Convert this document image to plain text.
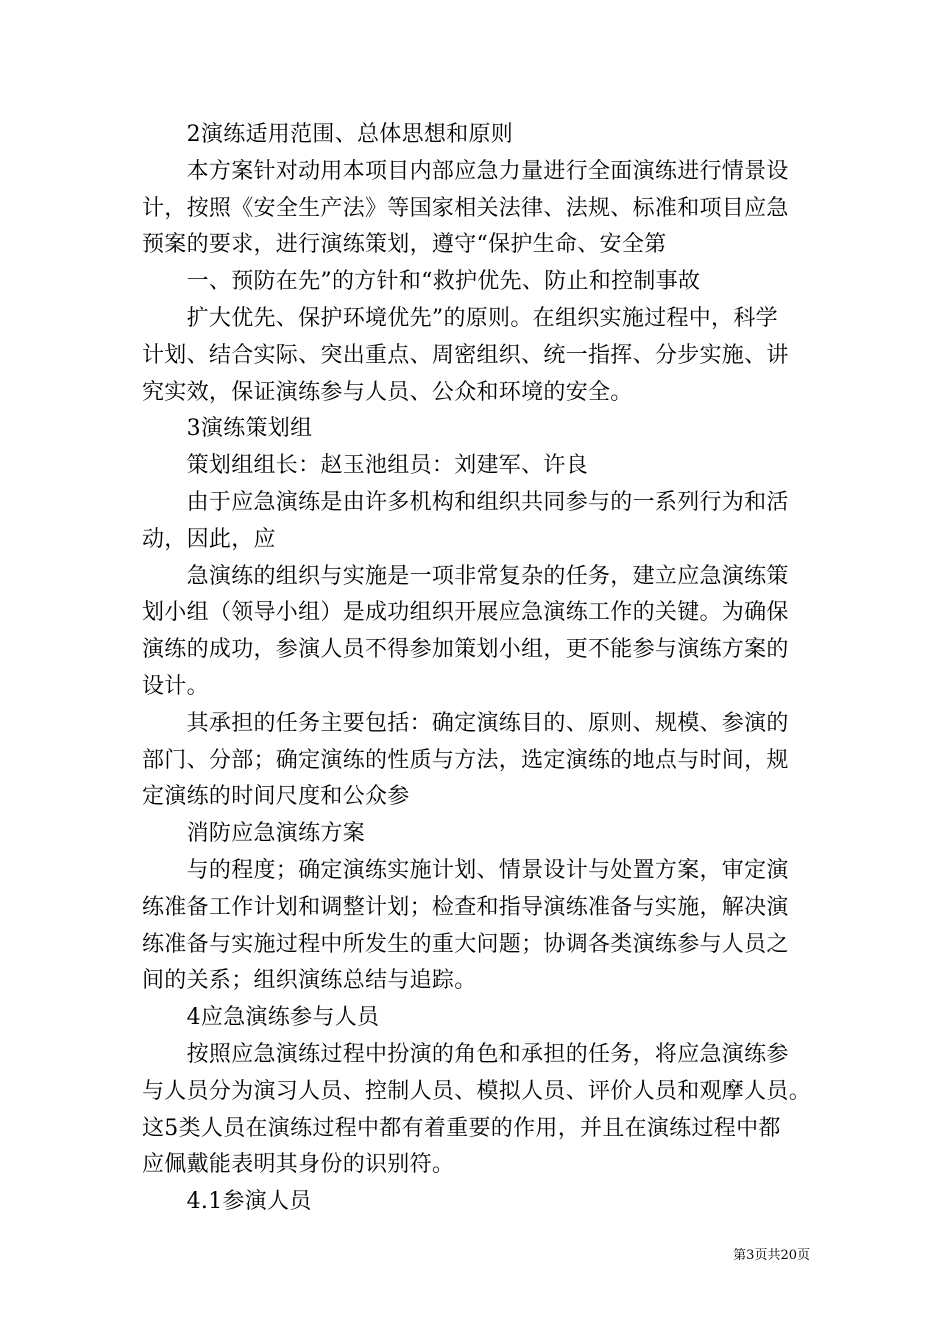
　　2演练适用范围、总体思想和原则

　　本方案针对动用本项目内部应急力量进行全面演练进行情景设

计，按照《安全生产法》等国家相关法律、法规、标准和项目应急

预案的要求，进行演练策划，遵守“保护生命、安全第

　　一、预防在先”的方针和“救护优先、防止和控制事故

　　扩大优先、保护环境优先”的原则。在组织实施过程中，科学

计划、结合实际、突出重点、周密组织、统一指挥、分步实施、讲

究实效，保证演练参与人员、公众和环境的安全。

　　3演练策划组

　　策划组组长：赵玉池组员：刘建军、许良

　　由于应急演练是由许多机构和组织共同参与的一系列行为和活

动，因此，应

　　急演练的组织与实施是一项非常复杂的任务，建立应急演练策

划小组（领导小组）是成功组织开展应急演练工作的关键。为确保

演练的成功，参演人员不得参加策划小组，更不能参与演练方案的

设计。

　　其承担的任务主要包括：确定演练目的、原则、规模、参演的

部门、分部；确定演练的性质与方法，选定演练的地点与时间，规

定演练的时间尺度和公众参

　　消防应急演练方案

　　与的程度；确定演练实施计划、情景设计与处置方案，审定演

练准备工作计划和调整计划；检查和指导演练准备与实施，解决演

练准备与实施过程中所发生的重大问题；协调各类演练参与人员之

间的关系；组织演练总结与追踪。

　　4应急演练参与人员

　　按照应急演练过程中扮演的角色和承担的任务，将应急演练参

与人员分为演习人员、控制人员、模拟人员、评价人员和观摩人员。

这5类人员在演练过程中都有着重要的作用，并且在演练过程中都

应佩戴能表明其身份的识别符。

　　4.1参演人员

第3页共20页
